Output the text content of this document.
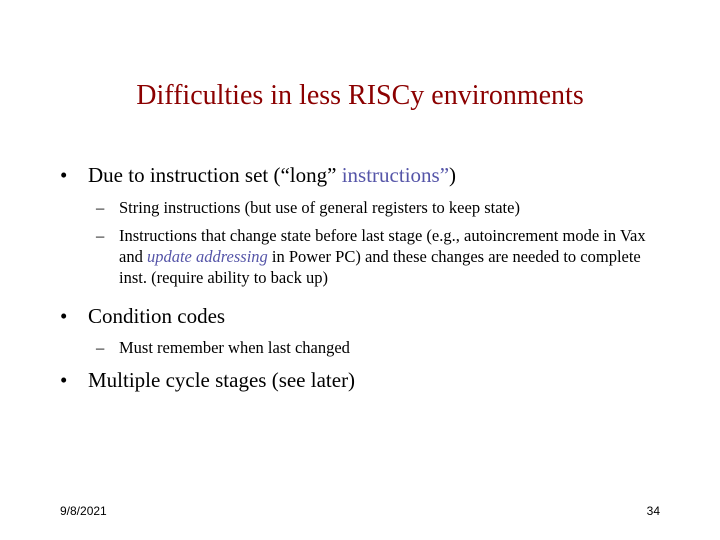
Difficulties in less RISCy environments
• Due to instruction set (“long” instructions”)
– String instructions (but use of general registers to keep state)
– Instructions that change state before last stage (e.g., autoincrement mode in Vax and update addressing in Power PC) and these changes are needed to complete inst. (require ability to back up)
• Condition codes
– Must remember when last changed
• Multiple cycle stages (see later)
9/8/2021	34
